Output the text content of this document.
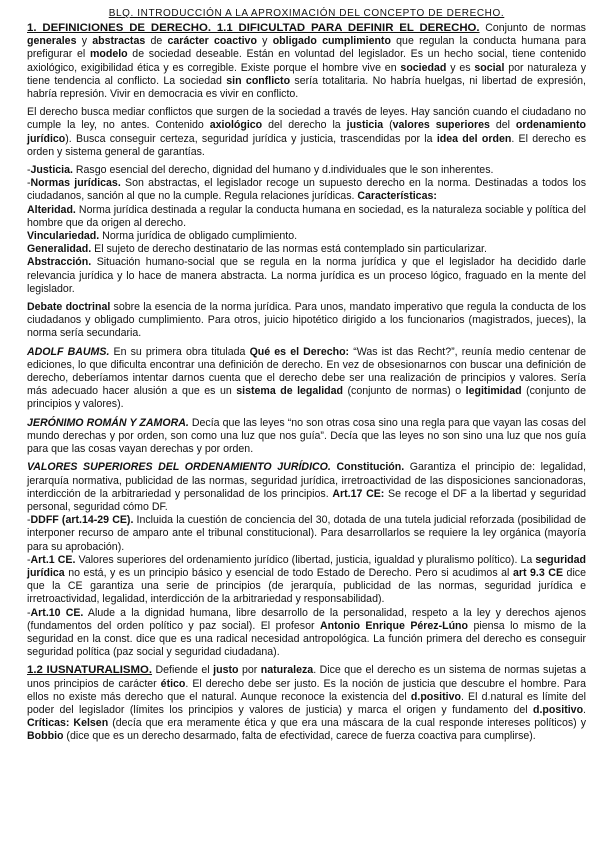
BLQ. INTRODUCCIÓN A LA APROXIMACIÓN DEL CONCEPTO DE DERECHO.

1. DEFINICIONES DE DERECHO. 1.1 DIFICULTAD PARA DEFINIR EL DERECHO. Conjunto de normas generales y abstractas de carácter coactivo y obligado cumplimiento que regulan la conducta humana para prefigurar el modelo de sociedad deseable. Están en voluntad del legislador. Es un hecho social, tiene contenido axiológico, exigibilidad ética y es corregible. Existe porque el hombre vive en sociedad y es social por naturaleza y tiene tendencia al conflicto. La sociedad sin conflicto sería totalitaria. No habría huelgas, ni libertad de expresión, habría represión. Vivir en democracia es vivir en conflicto.

El derecho busca mediar conflictos que surgen de la sociedad a través de leyes. Hay sanción cuando el ciudadano no cumple la ley, no antes. Contenido axiológico del derecho la justicia (valores superiores del ordenamiento jurídico). Busca conseguir certeza, seguridad jurídica y justicia, trascendidas por la idea del orden. El derecho es orden y sistema general de garantías.

-Justicia. Rasgo esencial del derecho, dignidad del humano y d.individuales que le son inherentes.

-Normas jurídicas. Son abstractas, el legislador recoge un supuesto derecho en la norma. Destinadas a todos los ciudadanos, sanción al que no la cumple. Regula relaciones jurídicas. Características:

Alteridad. Norma jurídica destinada a regular la conducta humana en sociedad, es la naturaleza sociable y política del hombre que da origen al derecho.

Vinculariedad. Norma jurídica de obligado cumplimiento.

Generalidad. El sujeto de derecho destinatario de las normas está contemplado sin particularizar.

Abstracción. Situación humano-social que se regula en la norma jurídica y que el legislador ha decidido darle relevancia jurídica y lo hace de manera abstracta. La norma jurídica es un proceso lógico, fraguado en la mente del legislador.

Debate doctrinal sobre la esencia de la norma jurídica. Para unos, mandato imperativo que regula la conducta de los ciudadanos y obligado cumplimiento. Para otros, juicio hipotético dirigido a los funcionarios (magistrados, jueces), la norma sería secundaria.

ADOLF BAUMS. En su primera obra titulada Qué es el Derecho: “Was ist das Recht?”, reunía medio centenar de ediciones, lo que dificulta encontrar una definición de derecho. En vez de obsesionarnos con buscar una definición de derecho, deberíamos intentar darnos cuenta que el derecho debe ser una realización de principios y valores. Sería más adecuado hacer alusión a que es un sistema de legalidad (conjunto de normas) o legitimidad (conjunto de principios y valores).

JERÓNIMO ROMÁN Y ZAMORA. Decía que las leyes “no son otras cosa sino una regla para que vayan las cosas del mundo derechas y por orden, son como una luz que nos guía”. Decía que las leyes no son sino una luz que nos guía para que las cosas vayan derechas y por orden.

VALORES SUPERIORES DEL ORDENAMIENTO JURÍDICO. Constitución. Garantiza el principio de: legalidad, jerarquía normativa, publicidad de las normas, seguridad jurídica, irretroactividad de las disposiciones sancionadoras, interdicción de la arbitrariedad y personalidad de los principios. Art.17 CE: Se recoge el DF a la libertad y seguridad personal, seguridad cómo DF.

-DDFF (art.14-29 CE). Incluida la cuestión de conciencia del 30, dotada de una tutela judicial reforzada (posibilidad de interponer recurso de amparo ante el tribunal constitucional). Para desarrollarlos se requiere la ley orgánica (mayoría para su aprobación).

-Art.1 CE. Valores superiores del ordenamiento jurídico (libertad, justicia, igualdad y pluralismo político). La seguridad jurídica no está, y es un principio básico y esencial de todo Estado de Derecho. Pero si acudimos al art 9.3 CE dice que la CE garantiza una serie de principios (de jerarquía, publicidad de las normas, seguridad jurídica e irretroactividad, legalidad, interdicción de la arbitrariedad y responsabilidad).

-Art.10 CE. Alude a la dignidad humana, libre desarrollo de la personalidad, respeto a la ley y derechos ajenos (fundamentos del orden político y paz social). El profesor Antonio Enrique Pérez-Lúno piensa lo mismo de la seguridad en la const. dice que es una radical necesidad antropológica. La función primera del derecho es conseguir seguridad política (paz social y seguridad ciudadana).

1.2 IUSNATURALISMO. Defiende el justo por naturaleza. Dice que el derecho es un sistema de normas sujetas a unos principios de carácter ético. El derecho debe ser justo. Es la noción de justicia que descubre el hombre. Para ellos no existe más derecho que el natural. Aunque reconoce la existencia del d.positivo. El d.natural es límite del poder del legislador (límites los principios y valores de justicia) y marca el origen y fundamento del d.positivo. Críticas: Kelsen (decía que era meramente ética y que era una máscara de la cual responde intereses políticos) y Bobbio (dice que es un derecho desarmado, falta de efectividad, carece de fuerza coactiva para cumplirse).
